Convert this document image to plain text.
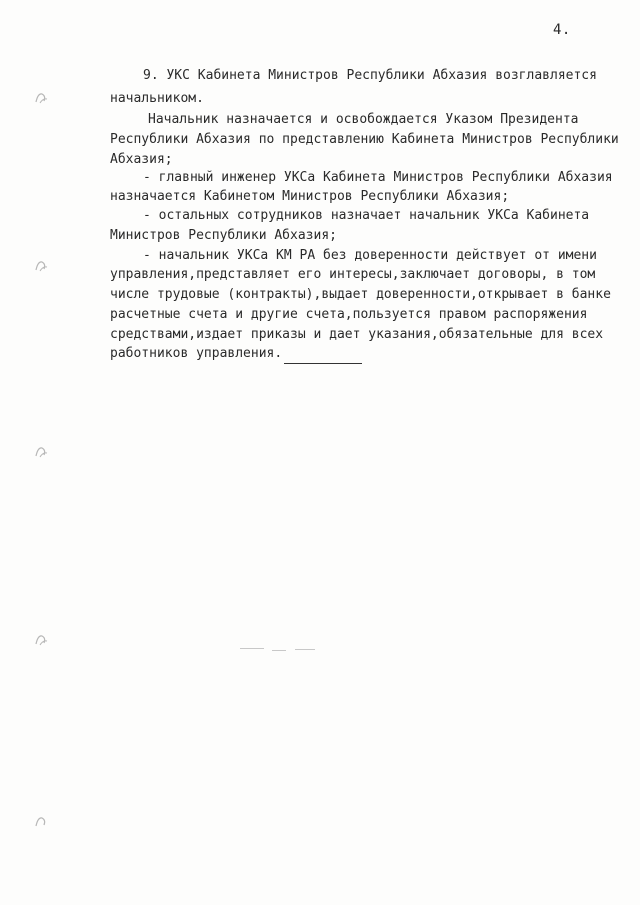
4.
9. УКС Кабинета Министров Республики Абхазия возглавляется
начальником.
Начальник назначается и освобождается Указом Президента
Республики Абхазия по представлению Кабинета Министров Республики
Абхазия;
- главный инженер УКСа Кабинета Министров Республики Абхазия
назначается Кабинетом Министров Республики Абхазия;
- остальных сотрудников назначает начальник УКСа Кабинета
Министров Республики Абхазия;
- начальник УКСа КМ РА без доверенности действует от имени
управления,представляет его интересы,заключает договоры, в том
числе трудовые (контракты),выдает доверенности,открывает в банке
расчетные счета и другие счета,пользуется правом распоряжения
средствами,издает приказы и дает указания,обязательные для всех
работников управления.
